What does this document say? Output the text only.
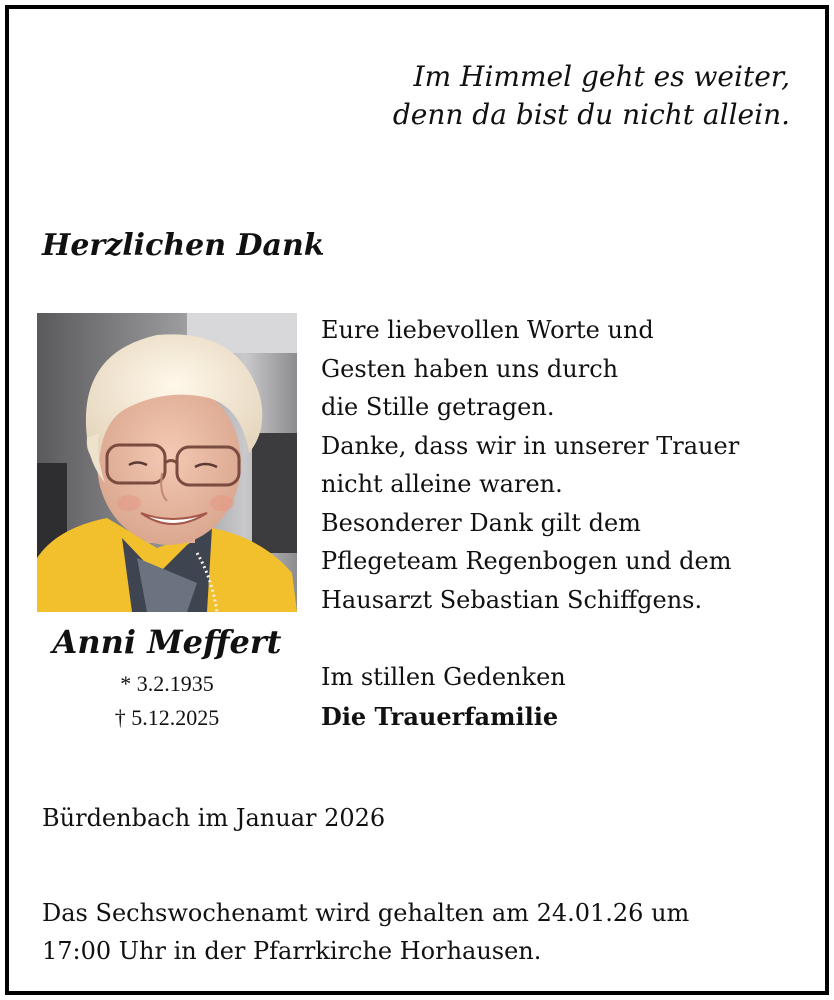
Im Himmel geht es weiter,
denn da bist du nicht allein.
Herzlichen Dank
Anni Meffert
* 3.2.1935
† 5.12.2025
Eure liebevollen Worte und
Gesten haben uns durch
die Stille getragen.
Danke, dass wir in unserer Trauer
nicht alleine waren.
Besonderer Dank gilt dem
Pflegeteam Regenbogen und dem
Hausarzt Sebastian Schiffgens.
Im stillen Gedenken
Die Trauerfamilie
Bürdenbach im Januar 2026
Das Sechswochenamt wird gehalten am 24.01.26 um
17:00 Uhr in der Pfarrkirche Horhausen.
